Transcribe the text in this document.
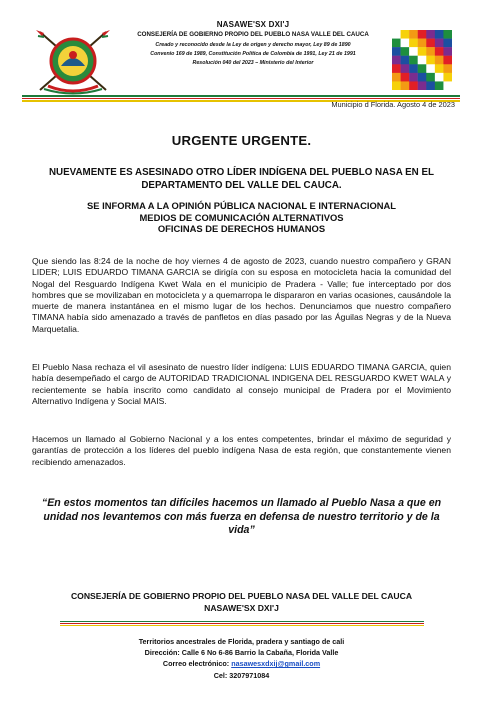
NASAWE'SX DXI'J
CONSEJERÍA DE GOBIERNO PROPIO DEL PUEBLO NASA VALLE DEL CAUCA
Creado y reconocido desde la Ley de origen y derecho mayor, Ley 89 de 1890
Convenio 169 de 1989, Constitución Política de Colombia de 1991, Ley 21 de 1991
Resolución 040 del 2023 – Ministerio del Interior
Municipio d Florida. Agosto 4 de 2023
URGENTE URGENTE.
NUEVAMENTE ES ASESINADO OTRO LÍDER INDÍGENA DEL PUEBLO NASA EN EL DEPARTAMENTO DEL VALLE DEL CAUCA.
SE INFORMA A LA OPINIÓN PÚBLICA NACIONAL E INTERNACIONAL
MEDIOS DE COMUNICACIÓN ALTERNATIVOS
OFICINAS DE DERECHOS HUMANOS

Que siendo las 8:24 de la noche de hoy viernes 4 de agosto de 2023, cuando nuestro compañero y GRAN LIDER; LUIS EDUARDO TIMANA GARCIA se dirigía con su esposa en motocicleta hacia la comunidad del Nogal del Resguardo Indígena Kwet Wala en el municipio de Pradera - Valle; fue interceptado por dos hombres que se movilizaban en motocicleta y a quemarropa le dispararon en varias ocasiones, causándole la muerte de manera instantánea en el mismo lugar de los hechos. Denunciamos que nuestro compañero TIMANA había sido amenazado a través de panfletos en días pasado por las Águilas Negras y de la Nueva Marquetalia.

El Pueblo Nasa rechaza el vil asesinato de nuestro líder indígena: LUIS EDUARDO TIMANA GARCIA, quien había desempeñado el cargo de AUTORIDAD TRADICIONAL INDIGENA DEL RESGUARDO KWET WALA y recientemente se había inscrito como candidato al consejo municipal de Pradera por el Movimiento Alternativo Indígena y Social MAIS.

Hacemos un llamado al Gobierno Nacional y a los entes competentes, brindar el máximo de seguridad y garantías de protección a los líderes del pueblo indígena Nasa de esta región, que constantemente vienen recibiendo amenazados.

“En estos momentos tan difíciles hacemos un llamado al Pueblo Nasa a que en unidad nos levantemos con más fuerza en defensa de nuestro territorio y de la vida”
CONSEJERÍA DE GOBIERNO PROPIO DEL PUEBLO NASA DEL VALLE DEL CAUCA
NASAWE'SX DXI'J
Territorios ancestrales de Florida, pradera y santiago de cali
Dirección: Calle 6 No 6-86 Barrio la Cabaña, Florida Valle
Correo electrónico: nasawesxdxij@gmail.com
Cel: 3207971084
